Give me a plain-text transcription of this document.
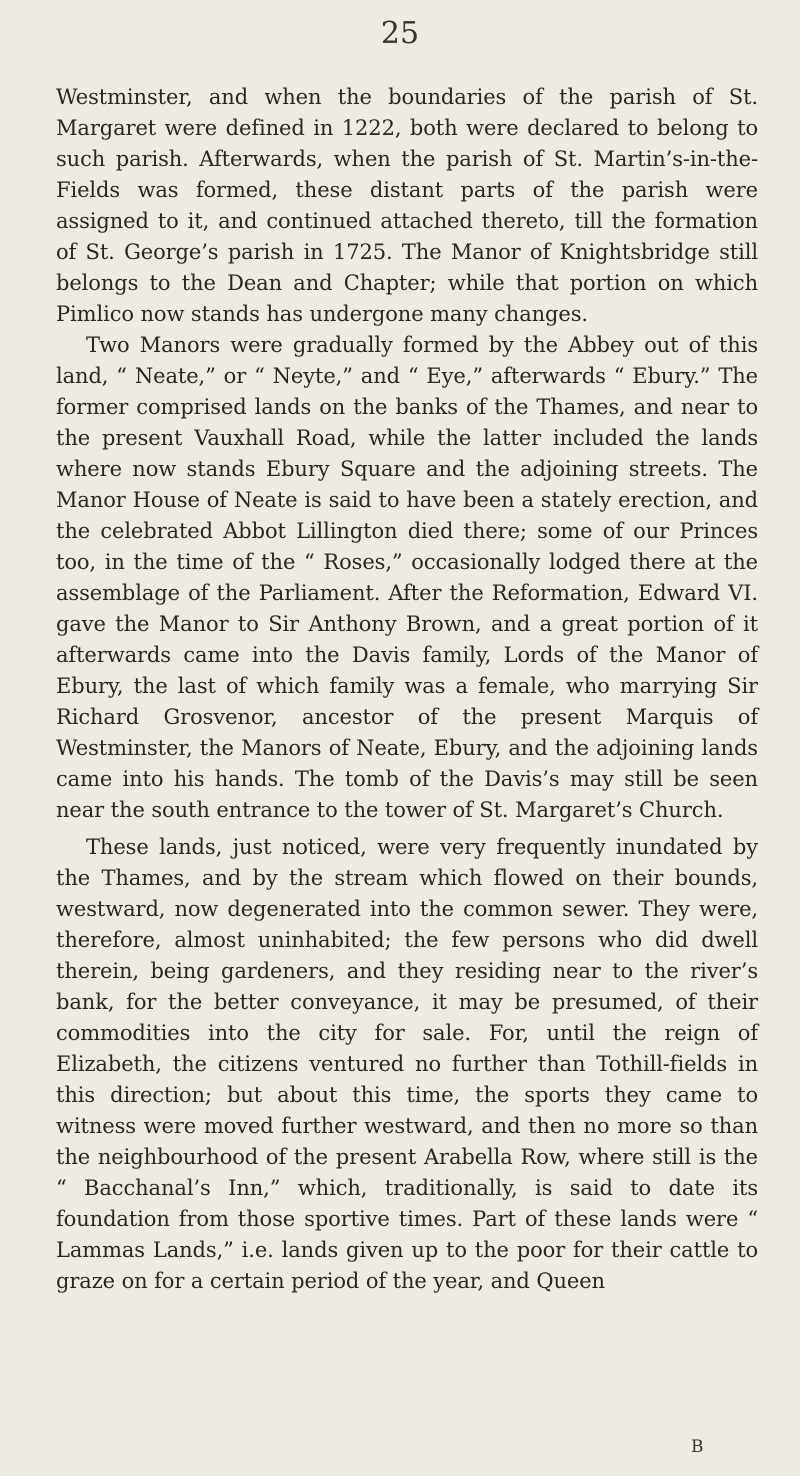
25

Westminster, and when the boundaries of the parish of St. Margaret were defined in 1222, both were declared to belong to such parish. Afterwards, when the parish of St. Martin’s-in-the-Fields was formed, these distant parts of the parish were assigned to it, and continued attached thereto, till the formation of St. George’s parish in 1725. The Manor of Knightsbridge still belongs to the Dean and Chapter; while that portion on which Pimlico now stands has undergone many changes.

Two Manors were gradually formed by the Abbey out of this land, “ Neate,” or “ Neyte,” and “ Eye,” afterwards “ Ebury.” The former comprised lands on the banks of the Thames, and near to the present Vauxhall Road, while the latter included the lands where now stands Ebury Square and the adjoining streets. The Manor House of Neate is said to have been a stately erection, and the celebrated Abbot Lillington died there; some of our Princes too, in the time of the “ Roses,” occasionally lodged there at the assemblage of the Parliament. After the Reformation, Edward VI. gave the Manor to Sir Anthony Brown, and a great portion of it afterwards came into the Davis family, Lords of the Manor of Ebury, the last of which family was a female, who marrying Sir Richard Grosvenor, ancestor of the present Marquis of Westminster, the Manors of Neate, Ebury, and the adjoining lands came into his hands. The tomb of the Davis’s may still be seen near the south entrance to the tower of St. Margaret’s Church.

These lands, just noticed, were very frequently inundated by the Thames, and by the stream which flowed on their bounds, westward, now degenerated into the common sewer. They were, therefore, almost uninhabited; the few persons who did dwell therein, being gardeners, and they residing near to the river’s bank, for the better conveyance, it may be presumed, of their commodities into the city for sale. For, until the reign of Elizabeth, the citizens ventured no further than Tothill-fields in this direction; but about this time, the sports they came to witness were moved further westward, and then no more so than the neighbourhood of the present Arabella Row, where still is the “ Bacchanal’s Inn,” which, traditionally, is said to date its foundation from those sportive times. Part of these lands were “ Lammas Lands,” i.e. lands given up to the poor for their cattle to graze on for a certain period of the year, and Queen

B
